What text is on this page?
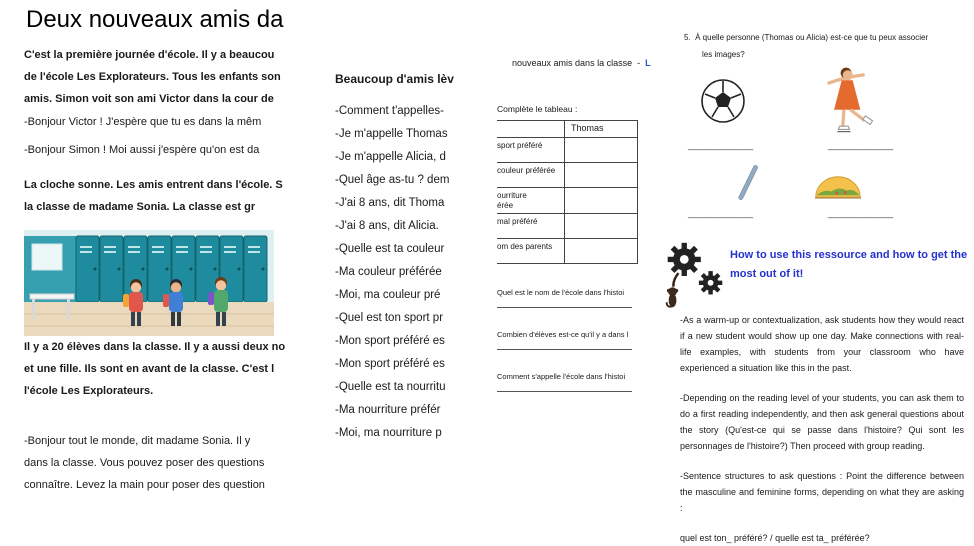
Deux nouveaux amis da
C'est la première journée d'école. Il y a beaucou
de l'école Les Explorateurs. Tous les enfants son
amis. Simon voit son ami Victor dans la cour de
-Bonjour Victor ! J'espère que tu es dans la mêm
-Bonjour Simon ! Moi aussi j'espère qu'on est da
La cloche sonne. Les amis entrent dans l'école. S
la classe de madame Sonia. La classe est gr
Il y a 20 élèves dans la classe. Il y a aussi deux no
et une fille. Ils sont en avant de la classe. C'est l
l'école Les Explorateurs.
-Bonjour tout le monde, dit madame Sonia. Il y
dans la classe. Vous pouvez poser des questions
connaître. Levez la main pour poser des question
Beaucoup d'amis lèv
-Comment t'appelles-
-Je m'appelle Thomas
-Je m'appelle Alicia, d
-Quel âge as-tu ? dem
-J'ai 8 ans, dit Thoma
-J'ai 8 ans, dit Alicia.
-Quelle est ta couleur
-Ma couleur préférée
-Moi, ma couleur pré
-Quel est ton sport pr
-Mon sport préféré es
-Mon sport préféré es
-Quelle est ta nourritu
-Ma nourriture préfér
-Moi, ma nourriture p

nouveaux amis dans la classe  -  L

Complète le tableau :
Thomas
sport préféré
couleur préférée
ourriture
érée
mal préféré
om des parents
Quel est le nom de l'école dans l'histoi
Combien d'élèves est-ce qu'il y a dans l
Comment s'appelle l'école dans l'histoi
5.  À quelle personne (Thomas ou Alicia) est-ce que tu peux associer
les images?
_____________	_____________
_____________	_____________
How to use this ressource and how to get the most out of it!

-As a warm-up or contextualization, ask students how they would react if a new student would show up one day. Make connections with real-life examples, with students from your classroom who have experienced a situation like this in the past.

-Depending on the reading level of your students, you can ask them to do a first reading independently, and then ask general questions about the story (Qu'est-ce qui se passe dans l'histoire? Qui sont les personnages de l'histoire?) Then proceed with group reading.

-Sentence structures to ask questions : Point the difference between the masculine and feminine forms, depending on what they are asking :

quel est ton_ préféré? / quelle est ta_ préférée?
